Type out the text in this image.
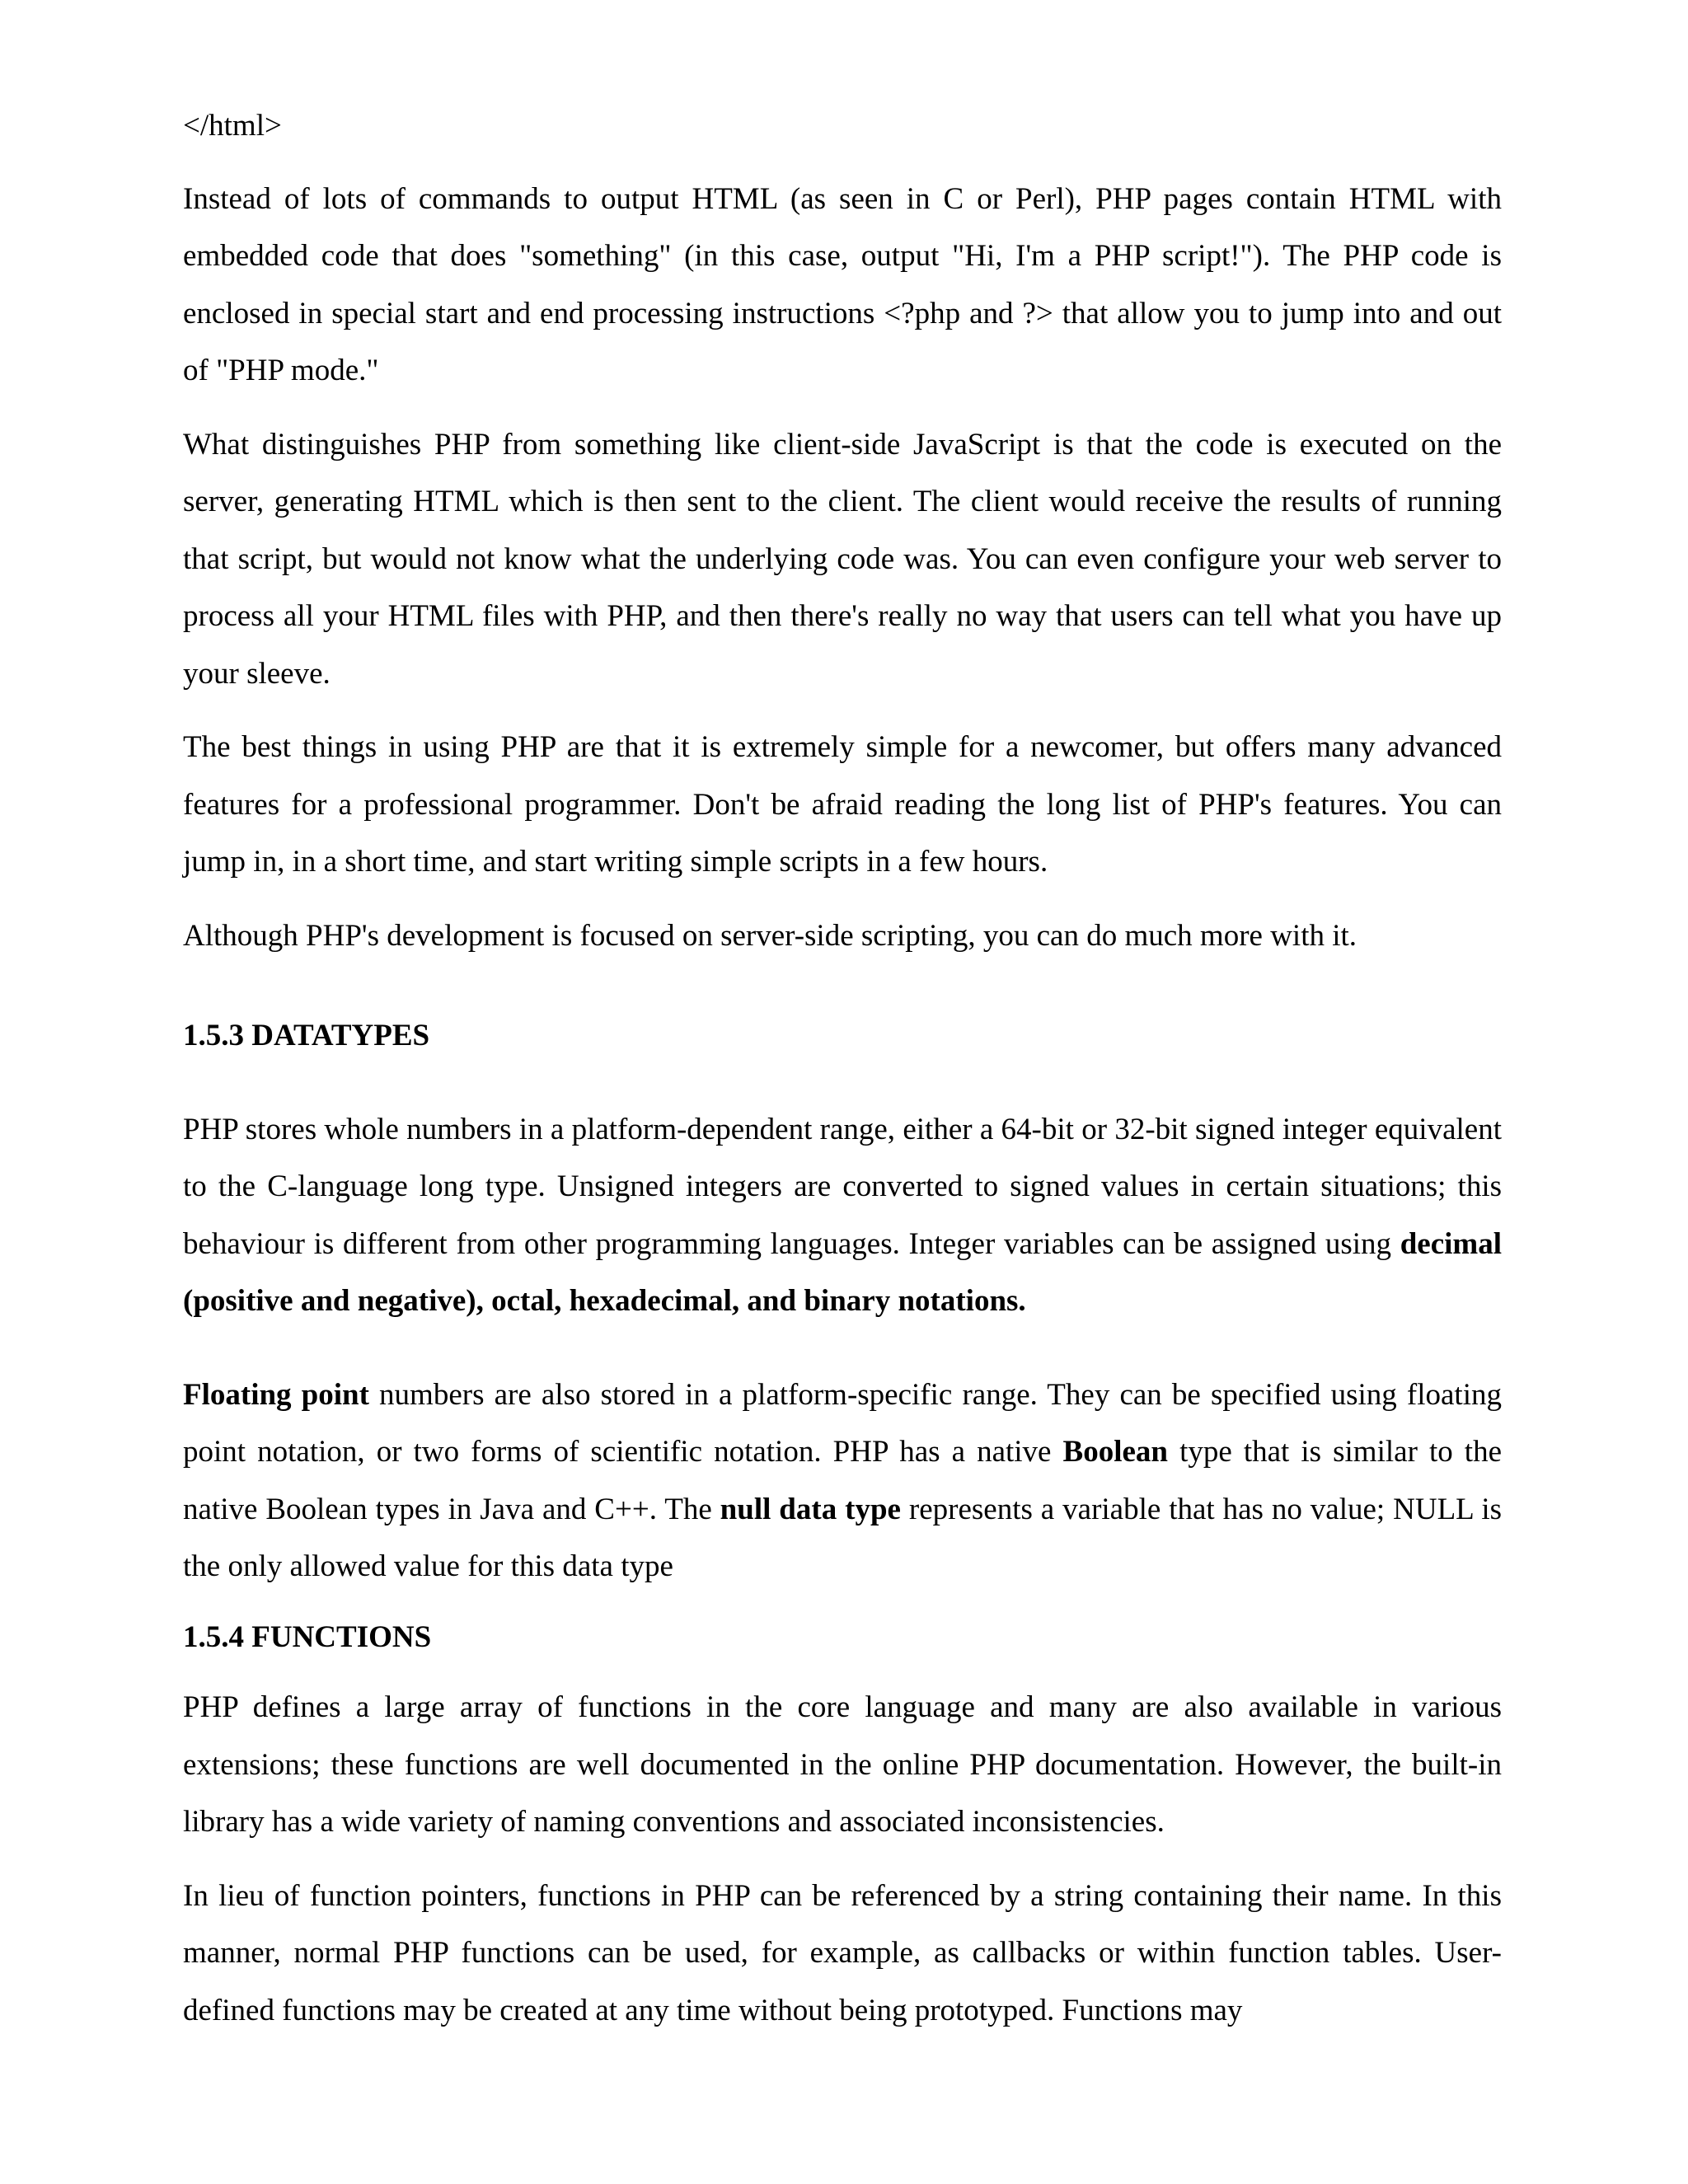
</html>

Instead of lots of commands to output HTML (as seen in C or Perl), PHP pages contain HTML with embedded code that does "something" (in this case, output "Hi, I'm a PHP script!"). The PHP code is enclosed in special start and end processing instructions <?php and ?> that allow you to jump into and out of "PHP mode."

What distinguishes PHP from something like client-side JavaScript is that the code is executed on the server, generating HTML which is then sent to the client. The client would receive the results of running that script, but would not know what the underlying code was. You can even configure your web server to process all your HTML files with PHP, and then there's really no way that users can tell what you have up your sleeve.

The best things in using PHP are that it is extremely simple for a newcomer, but offers many advanced features for a professional programmer. Don't be afraid reading the long list of PHP's features. You can jump in, in a short time, and start writing simple scripts in a few hours.

Although PHP's development is focused on server-side scripting, you can do much more with it.

1.5.3 DATATYPES

PHP stores whole numbers in a platform-dependent range, either a 64-bit or 32-bit signed integer equivalent to the C-language long type. Unsigned integers are converted to signed values in certain situations; this behaviour is different from other programming languages. Integer variables can be assigned using decimal (positive and negative), octal, hexadecimal, and binary notations.

Floating point numbers are also stored in a platform-specific range. They can be specified using floating point notation, or two forms of scientific notation. PHP has a native Boolean type that is similar to the native Boolean types in Java and C++. The null data type represents a variable that has no value; NULL is the only allowed value for this data type

1.5.4 FUNCTIONS

PHP defines a large array of functions in the core language and many are also available in various extensions; these functions are well documented in the online PHP documentation. However, the built-in library has a wide variety of naming conventions and associated inconsistencies.

In lieu of function pointers, functions in PHP can be referenced by a string containing their name. In this manner, normal PHP functions can be used, for example, as callbacks or within function tables. User-defined functions may be created at any time without being prototyped. Functions may
